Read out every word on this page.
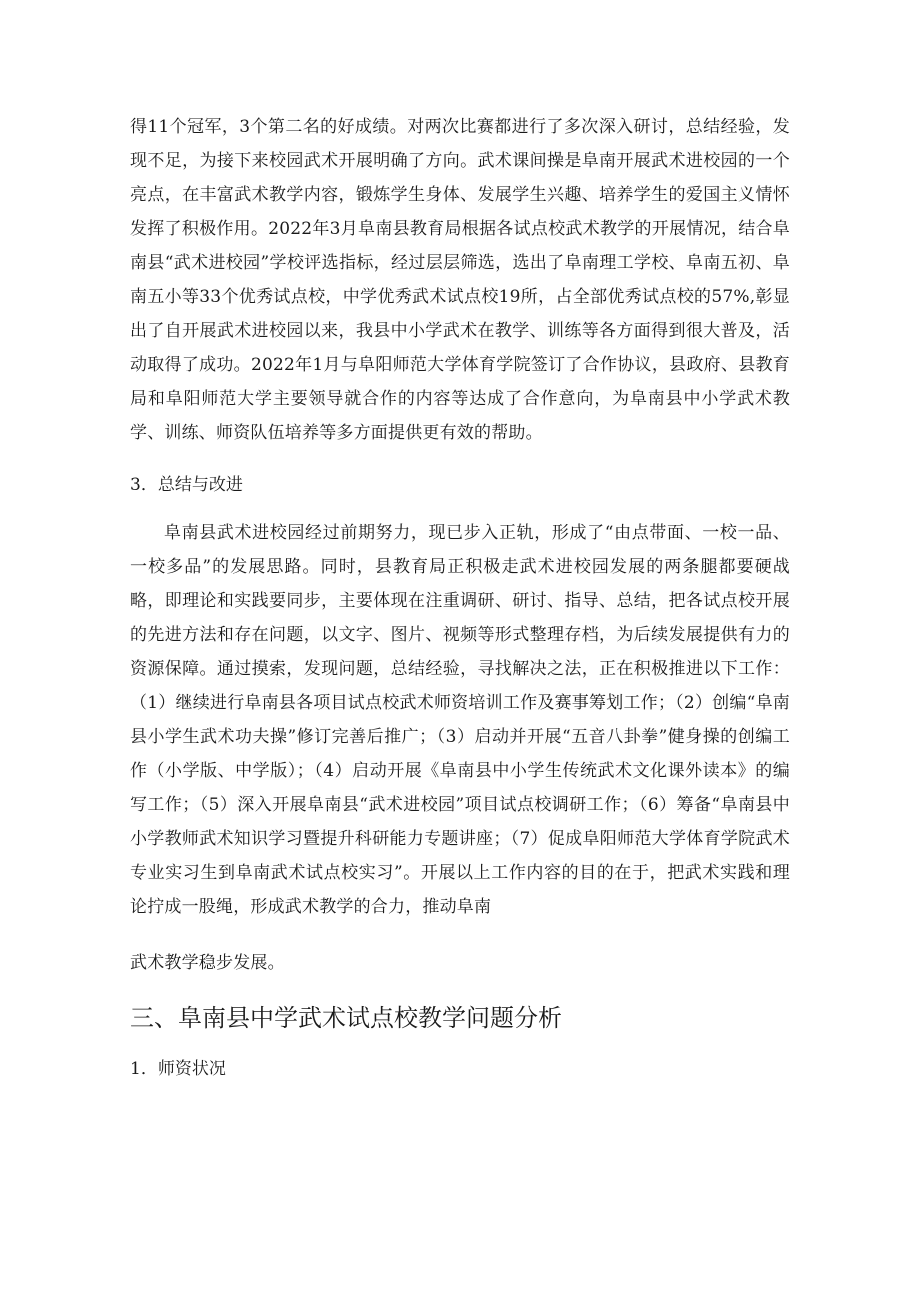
得11个冠军，3个第二名的好成绩。对两次比赛都进行了多次深入研讨，总结经验，发现不足，为接下来校园武术开展明确了方向。武术课间操是阜南开展武术进校园的一个亮点，在丰富武术教学内容，锻炼学生身体、发展学生兴趣、培养学生的爱国主义情怀发挥了积极作用。2022年3月阜南县教育局根据各试点校武术教学的开展情况，结合阜南县“武术进校园”学校评选指标，经过层层筛选，选出了阜南理工学校、阜南五初、阜南五小等33个优秀试点校，中学优秀武术试点校19所，占全部优秀试点校的57%,彰显出了自开展武术进校园以来，我县中小学武术在教学、训练等各方面得到很大普及，活动取得了成功。2022年1月与阜阳师范大学体育学院签订了合作协议，县政府、县教育局和阜阳师范大学主要领导就合作的内容等达成了合作意向，为阜南县中小学武术教学、训练、师资队伍培养等多方面提供更有效的帮助。

3．总结与改进

阜南县武术进校园经过前期努力，现已步入正轨，形成了“由点带面、一校一品、一校多品”的发展思路。同时，县教育局正积极走武术进校园发展的两条腿都要硬战略，即理论和实践要同步，主要体现在注重调研、研讨、指导、总结，把各试点校开展的先进方法和存在问题，以文字、图片、视频等形式整理存档，为后续发展提供有力的资源保障。通过摸索，发现问题，总结经验，寻找解决之法，正在积极推进以下工作：（1）继续进行阜南县各项目试点校武术师资培训工作及赛事筹划工作；（2）创编“阜南县小学生武术功夫操”修订完善后推广；（3）启动并开展“五音八卦拳”健身操的创编工作（小学版、中学版）；（4）启动开展《阜南县中小学生传统武术文化课外读本》的编写工作；（5）深入开展阜南县“武术进校园”项目试点校调研工作；（6）筹备“阜南县中小学教师武术知识学习暨提升科研能力专题讲座；（7）促成阜阳师范大学体育学院武术专业实习生到阜南武术试点校实习”。开展以上工作内容的目的在于，把武术实践和理论拧成一股绳，形成武术教学的合力，推动阜南

武术教学稳步发展。

三、阜南县中学武术试点校教学问题分析

1．师资状况
